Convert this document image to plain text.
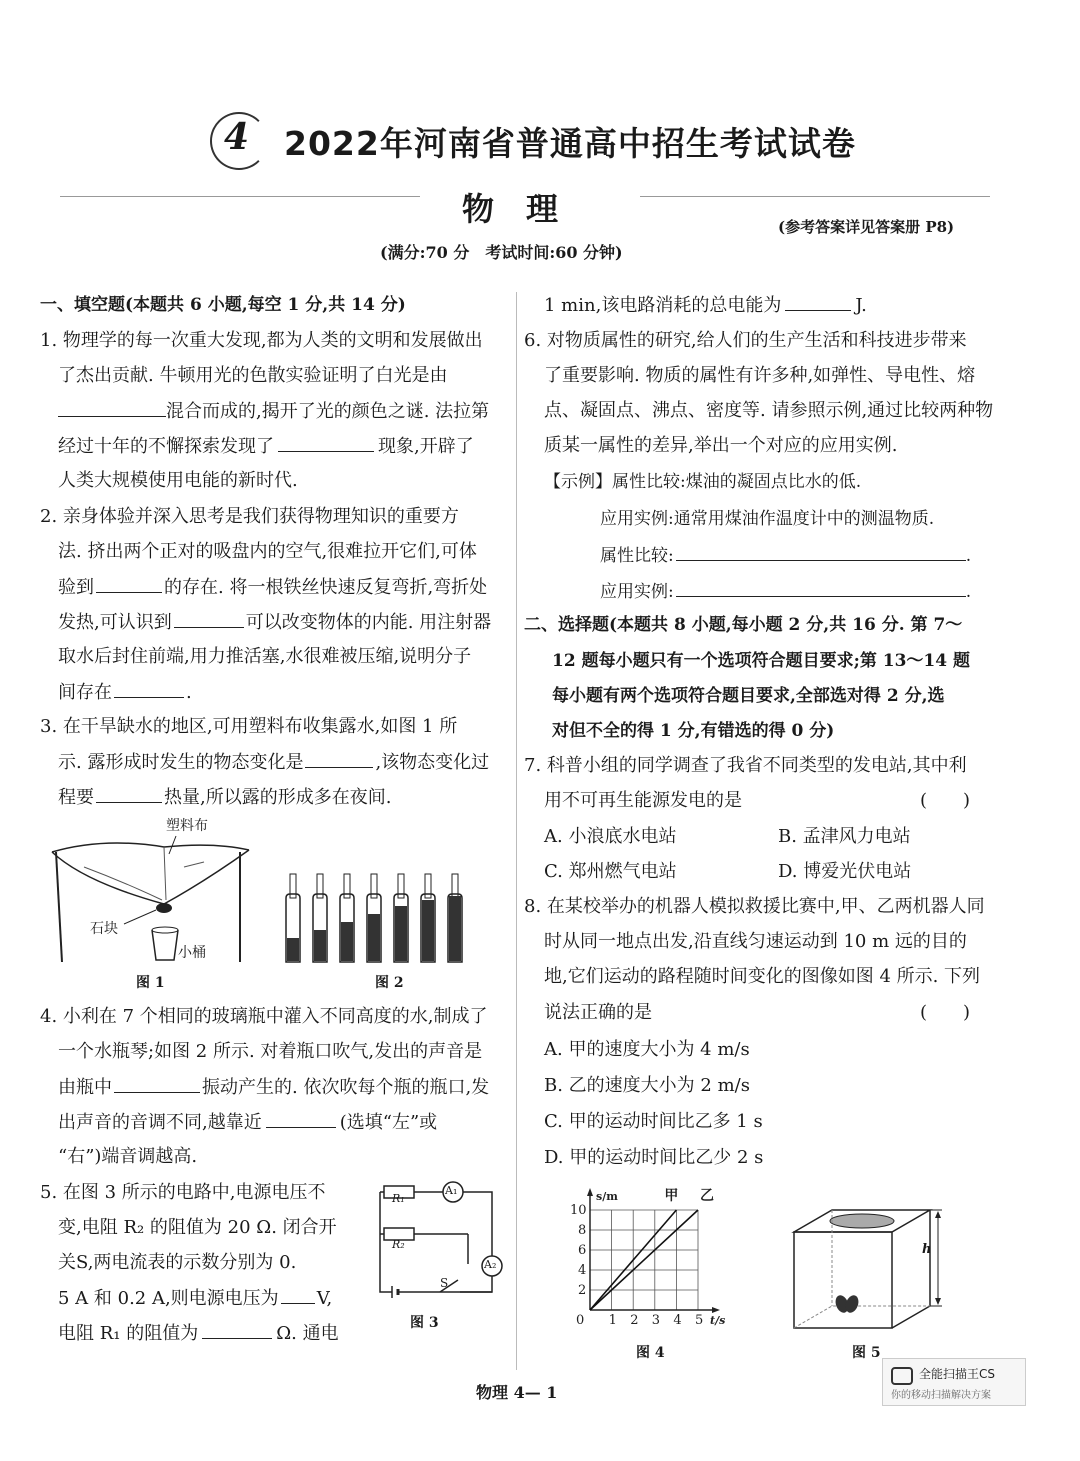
4 2022年河南省普通高中招生考试试卷
物　理	(参考答案详见答案册 P8)
(满分:70 分　考试时间:60 分钟)
一、填空题(本题共 6 小题,每空 1 分,共 14 分)
1. 物理学的每一次重大发现,都为人类的文明和发展做出
了杰出贡献. 牛顿用光的色散实验证明了白光是由
混合而成的,揭开了光的颜色之谜. 法拉第
经过十年的不懈探索发现了	现象,开辟了
人类大规模使用电能的新时代.
2. 亲身体验并深入思考是我们获得物理知识的重要方
法. 挤出两个正对的吸盘内的空气,很难拉开它们,可体
验到	的存在. 将一根铁丝快速反复弯折,弯折处
发热,可认识到	可以改变物体的内能. 用注射器
取水后封住前端,用力推活塞,水很难被压缩,说明分子
间存在	.
3. 在干旱缺水的地区,可用塑料布收集露水,如图 1 所
示. 露形成时发生的物态变化是	,该物态变化过
程要	热量,所以露的形成多在夜间.
塑料布
石块
小桶
图 1	图 2
4. 小利在 7 个相同的玻璃瓶中灌入不同高度的水,制成了
一个水瓶琴;如图 2 所示. 对着瓶口吹气,发出的声音是
由瓶中	振动产生的. 依次吹每个瓶的瓶口,发
出声音的音调不同,越靠近	(选填“左”或
“右”)端音调越高.
5. 在图 3 所示的电路中,电源电压不
变,电阻 R₂ 的阻值为 20 Ω. 闭合开
关S,两电流表的示数分别为 0.
5 A 和 0.2 A,则电源电压为 V,
电阻 R₁ 的阻值为	Ω. 通电
R₁
R₂
A₁
A₂
S
图 3
1 min,该电路消耗的总电能为	J.
6. 对物质属性的研究,给人们的生产生活和科技进步带来
了重要影响. 物质的属性有许多种,如弹性、导电性、熔
点、凝固点、沸点、密度等. 请参照示例,通过比较两种物
质某一属性的差异,举出一个对应的应用实例.
【示例】属性比较:煤油的凝固点比水的低.
应用实例:通常用煤油作温度计中的测温物质.
属性比较:	.
应用实例:	.
二、选择题(本题共 8 小题,每小题 2 分,共 16 分. 第 7～
12 题每小题只有一个选项符合题目要求;第 13～14 题
每小题有两个选项符合题目要求,全部选对得 2 分,选
对但不全的得 1 分,有错选的得 0 分)
7. 科普小组的同学调查了我省不同类型的发电站,其中利
用不可再生能源发电的是	(　　)
A. 小浪底水电站	B. 孟津风力电站
C. 郑州燃气电站	D. 博爱光伏电站
8. 在某校举办的机器人模拟救援比赛中,甲、乙两机器人同
时从同一地点出发,沿直线匀速运动到 10 m 远的目的
地,它们运动的路程随时间变化的图像如图 4 所示. 下列
说法正确的是	(　　)
A. 甲的速度大小为 4 m/s
B. 乙的速度大小为 2 m/s
C. 甲的运动时间比乙多 1 s
D. 甲的运动时间比乙少 2 s
0 1 2 3 4 5
2
4
6
8
10
s/m
t/s
甲 乙
图 4
h
图 5
物理 4— 1
全能扫描王CS
你的移动扫描解决方案
